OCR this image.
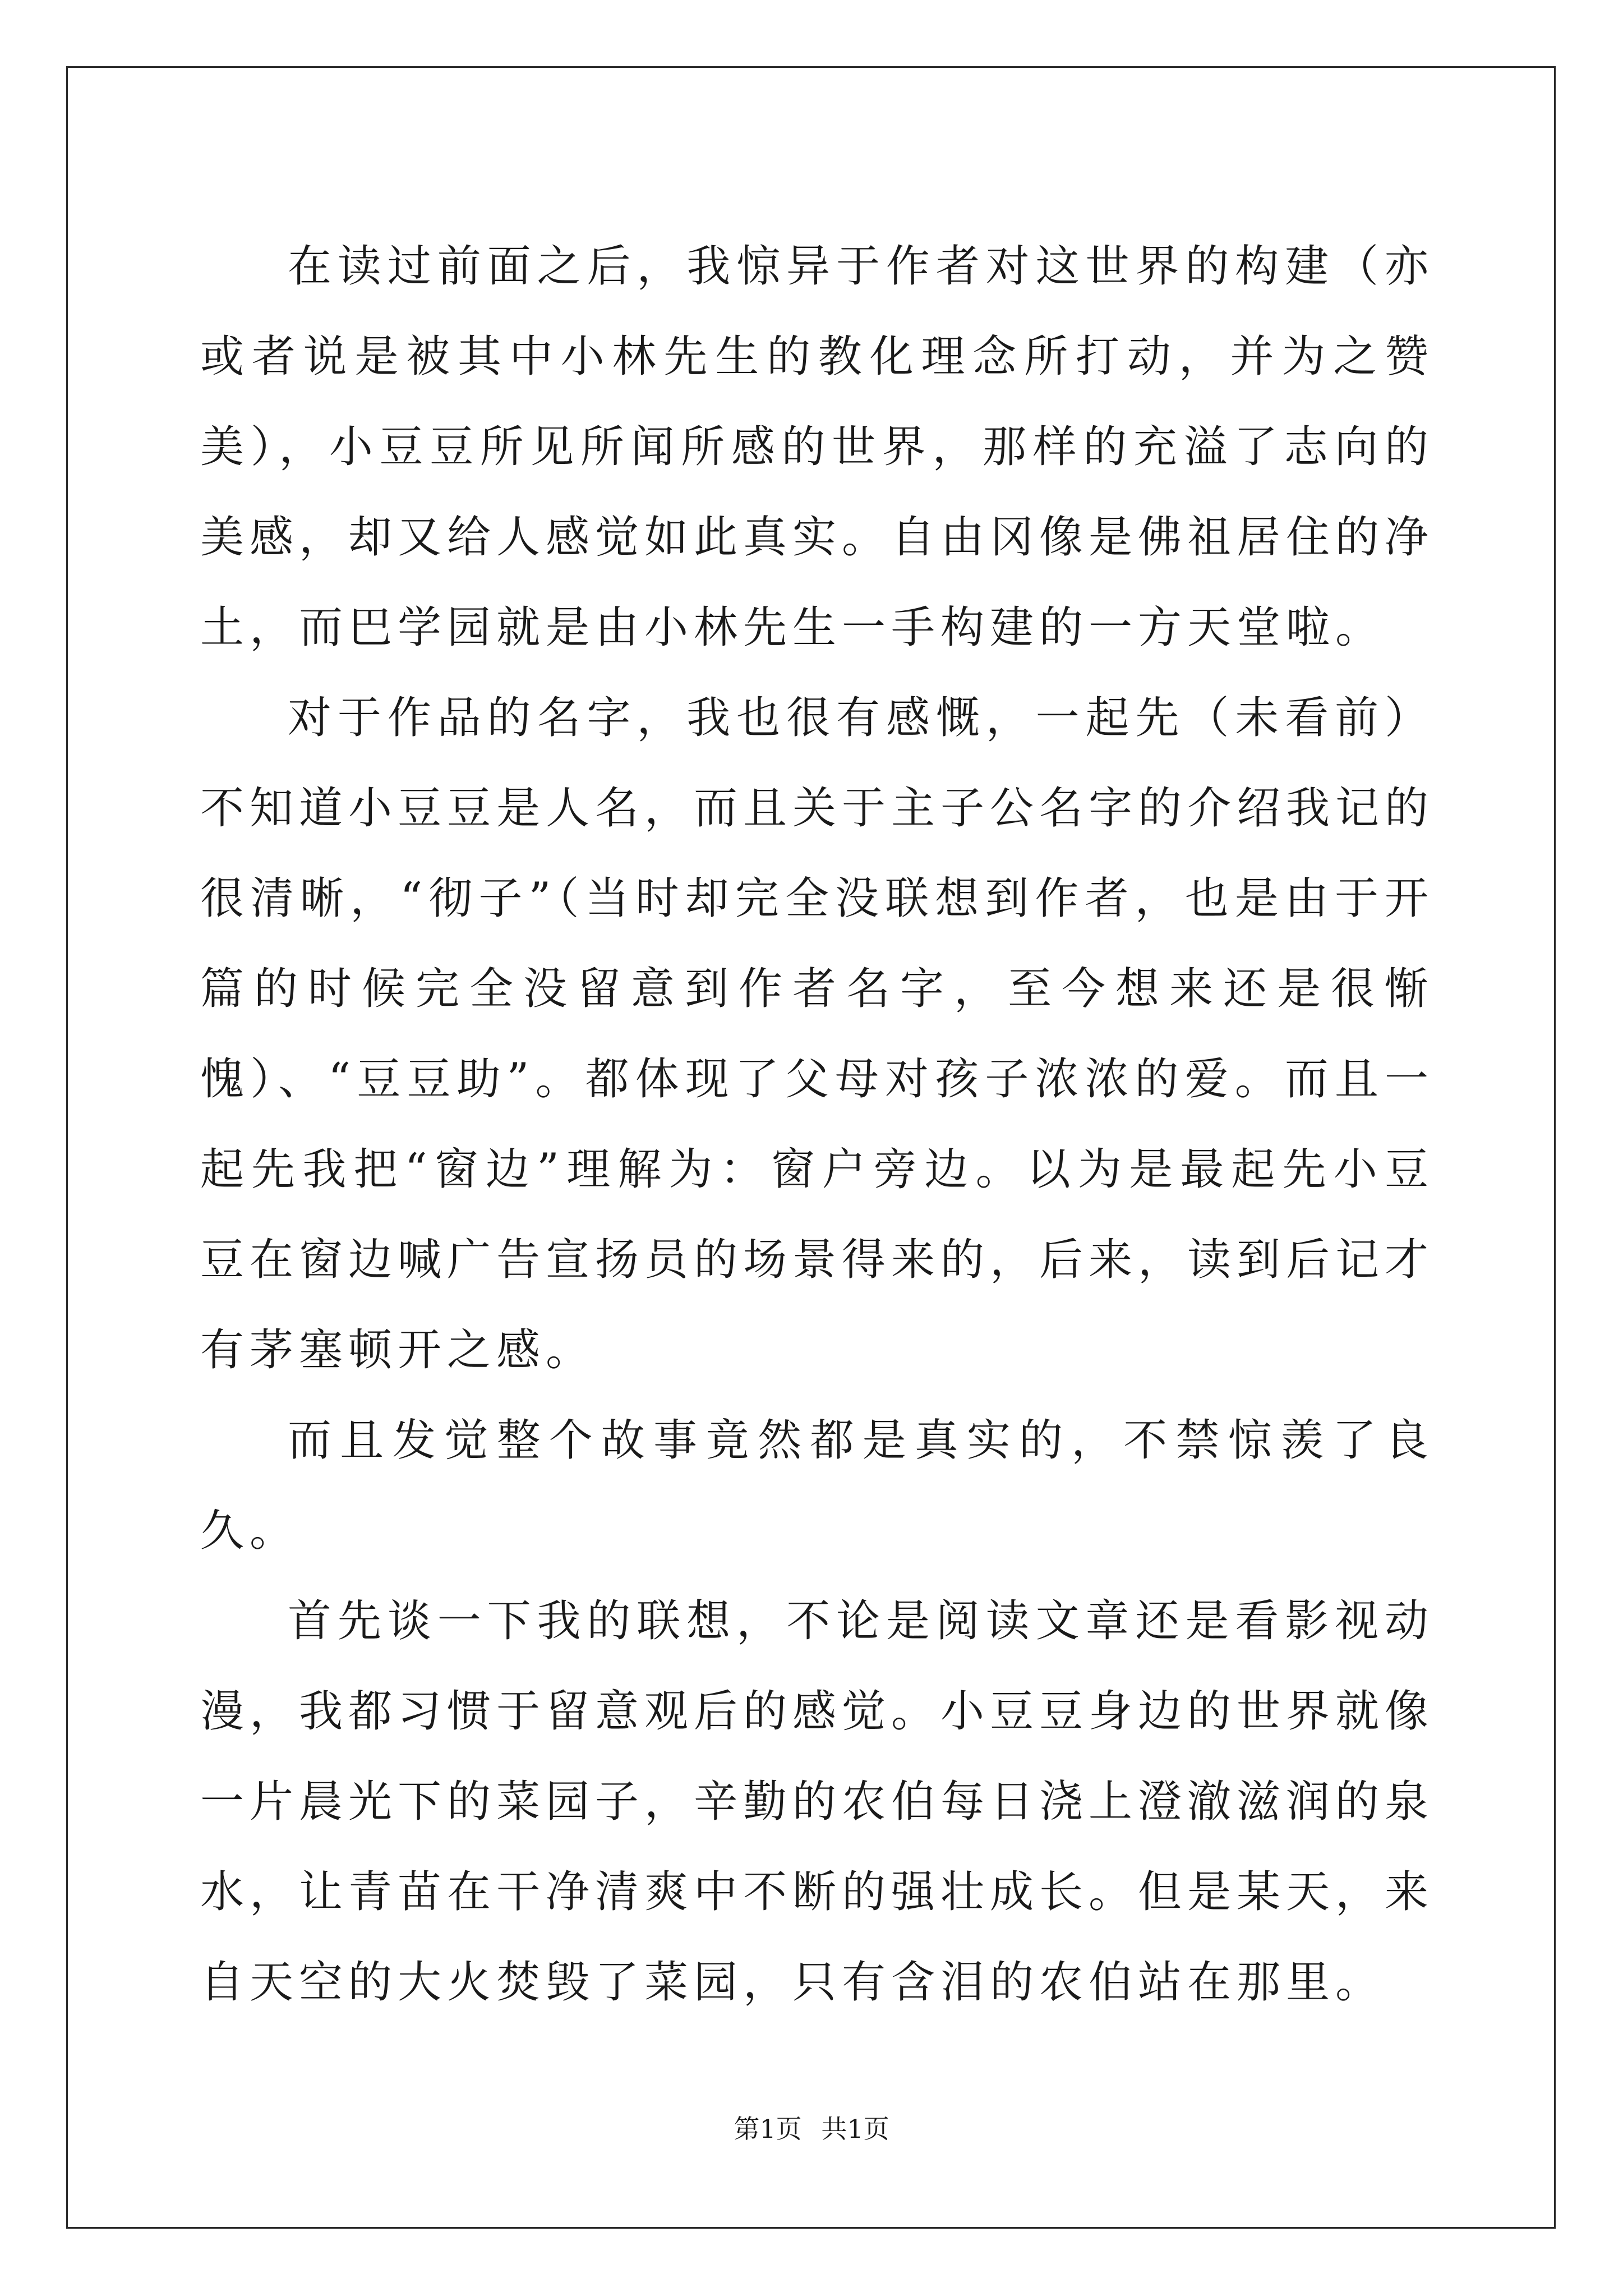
在读过前面之后，我惊异于作者对这世界的构建（亦或者说是被其中小林先生的教化理念所打动，并为之赞美），小豆豆所见所闻所感的世界，那样的充溢了志向的美感，却又给人感觉如此真实。自由冈像是佛祖居住的净土，而巴学园就是由小林先生一手构建的一方天堂啦。

对于作品的名字，我也很有感慨，一起先（未看前）不知道小豆豆是人名，而且关于主子公名字的介绍我记的很清晰，“彻子”（当时却完全没联想到作者，也是由于开篇的时候完全没留意到作者名字，至今想来还是很惭愧）、“豆豆助”。都体现了父母对孩子浓浓的爱。而且一起先我把“窗边”理解为：窗户旁边。以为是最起先小豆豆在窗边喊广告宣扬员的场景得来的，后来，读到后记才有茅塞顿开之感。

而且发觉整个故事竟然都是真实的，不禁惊羡了良久。

首先谈一下我的联想，不论是阅读文章还是看影视动漫，我都习惯于留意观后的感觉。小豆豆身边的世界就像一片晨光下的菜园子，辛勤的农伯每日浇上澄澈滋润的泉水，让青苗在干净清爽中不断的强壮成长。但是某天，来自天空的大火焚毁了菜园，只有含泪的农伯站在那里。

第1页 共1页
